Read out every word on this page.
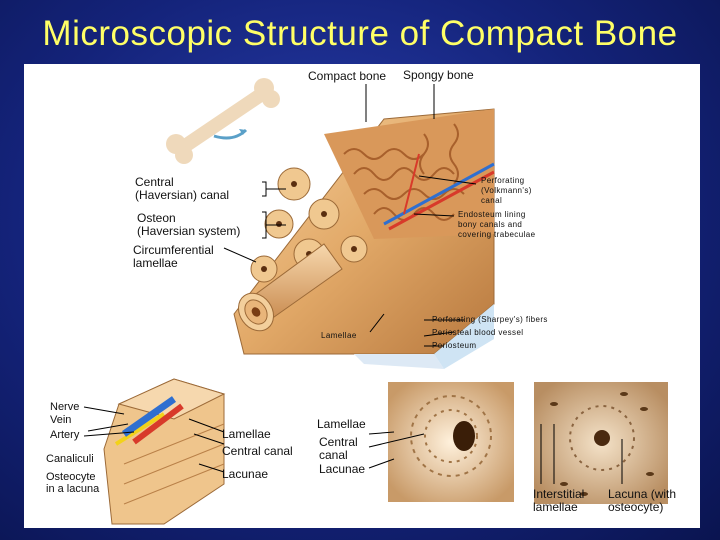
Microscopic Structure of Compact Bone
Compact bone Spongy bone
Central
(Haversian) canal
Osteon
(Haversian system)
Circumferential
lamellae
Perforating
(Volkmann's)
canal
Endosteum lining
bony canals and
covering trabeculae
Perforating (Sharpey's) fibers
Periosteal blood vessel
Periosteum
Lamellae
Nerve
Vein
Artery
Canaliculi
Osteocyte
in a lacuna
Lamellae
Central canal
Lacunae
Lamellae
Central
canal
Lacunae
Interstitial
lamellae
Lacuna (with
osteocyte)
